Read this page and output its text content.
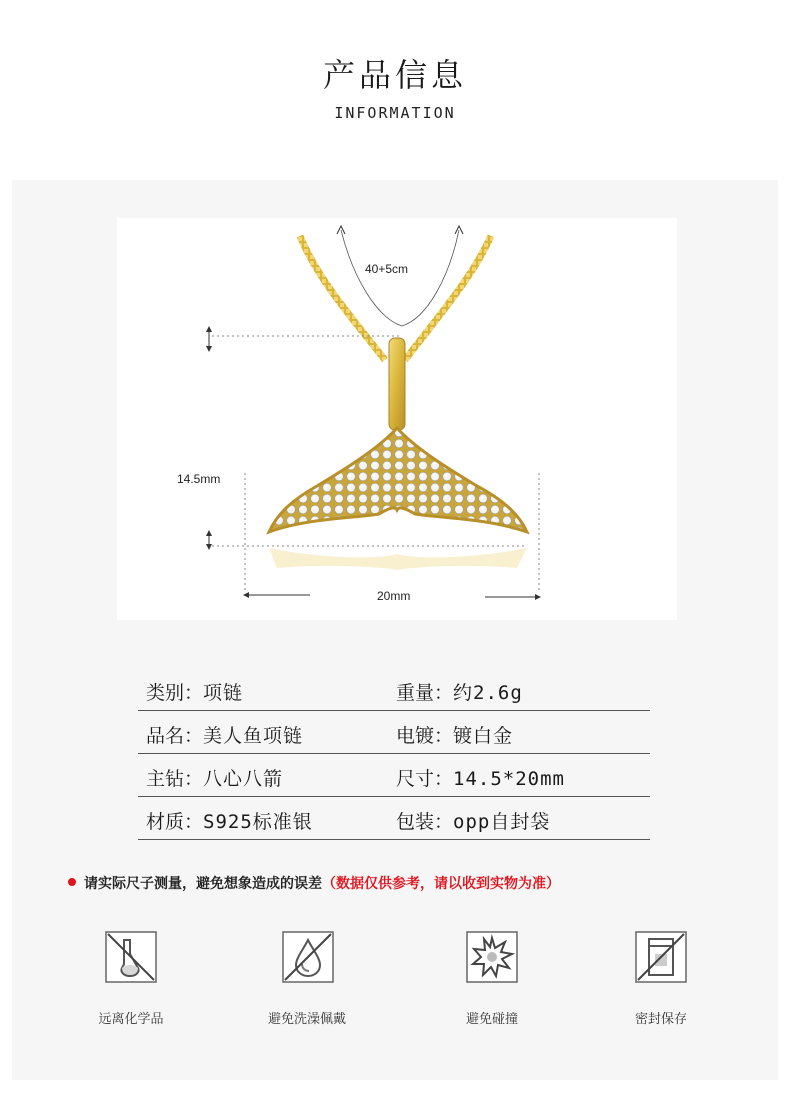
产品信息
INFORMATION
40+5cm
14.5mm
20mm
类别：项链	重量：约2.6g
品名：美人鱼项链	电镀：镀白金
主钻：八心八箭	尺寸：14.5*20mm
材质：S925标准银	包装：opp自封袋
请实际尺子测量，避免想象造成的误差（数据仅供参考，请以收到实物为准）
远离化学品	避免洗澡佩戴	避免碰撞	密封保存
